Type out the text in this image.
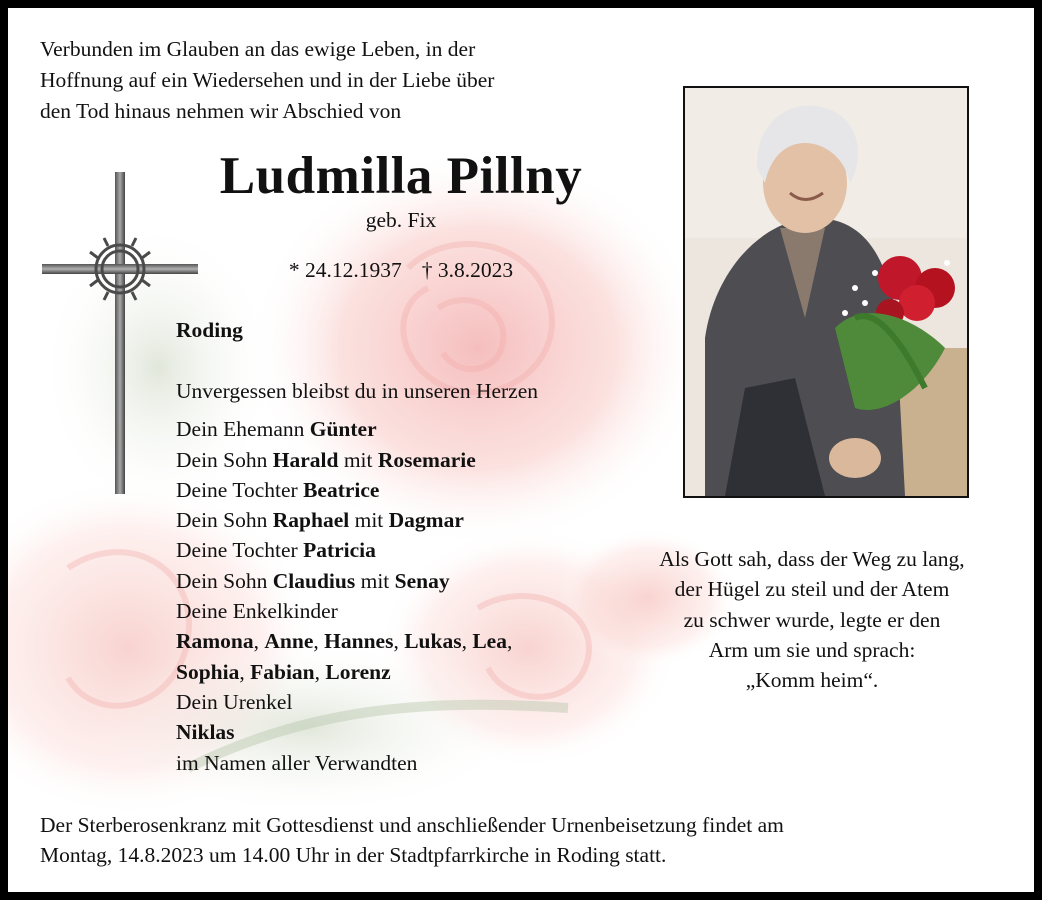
Verbunden im Glauben an das ewige Leben, in der
Hoffnung auf ein Wiedersehen und in der Liebe über
den Tod hinaus nehmen wir Abschied von
Ludmilla Pillny
geb. Fix
* 24.12.1937 † 3.8.2023
Roding
Unvergessen bleibst du in unseren Herzen
Dein Ehemann Günter
Dein Sohn Harald mit Rosemarie
Deine Tochter Beatrice
Dein Sohn Raphael mit Dagmar
Deine Tochter Patricia
Dein Sohn Claudius mit Senay
Deine Enkelkinder
Ramona, Anne, Hannes, Lukas, Lea,
Sophia, Fabian, Lorenz
Dein Urenkel
Niklas
im Namen aller Verwandten
Als Gott sah, dass der Weg zu lang,
der Hügel zu steil und der Atem
zu schwer wurde, legte er den
Arm um sie und sprach:
„Komm heim“.
Der Sterberosenkranz mit Gottesdienst und anschließender Urnenbeisetzung findet am
Montag, 14.8.2023 um 14.00 Uhr in der Stadtpfarrkirche in Roding statt.
